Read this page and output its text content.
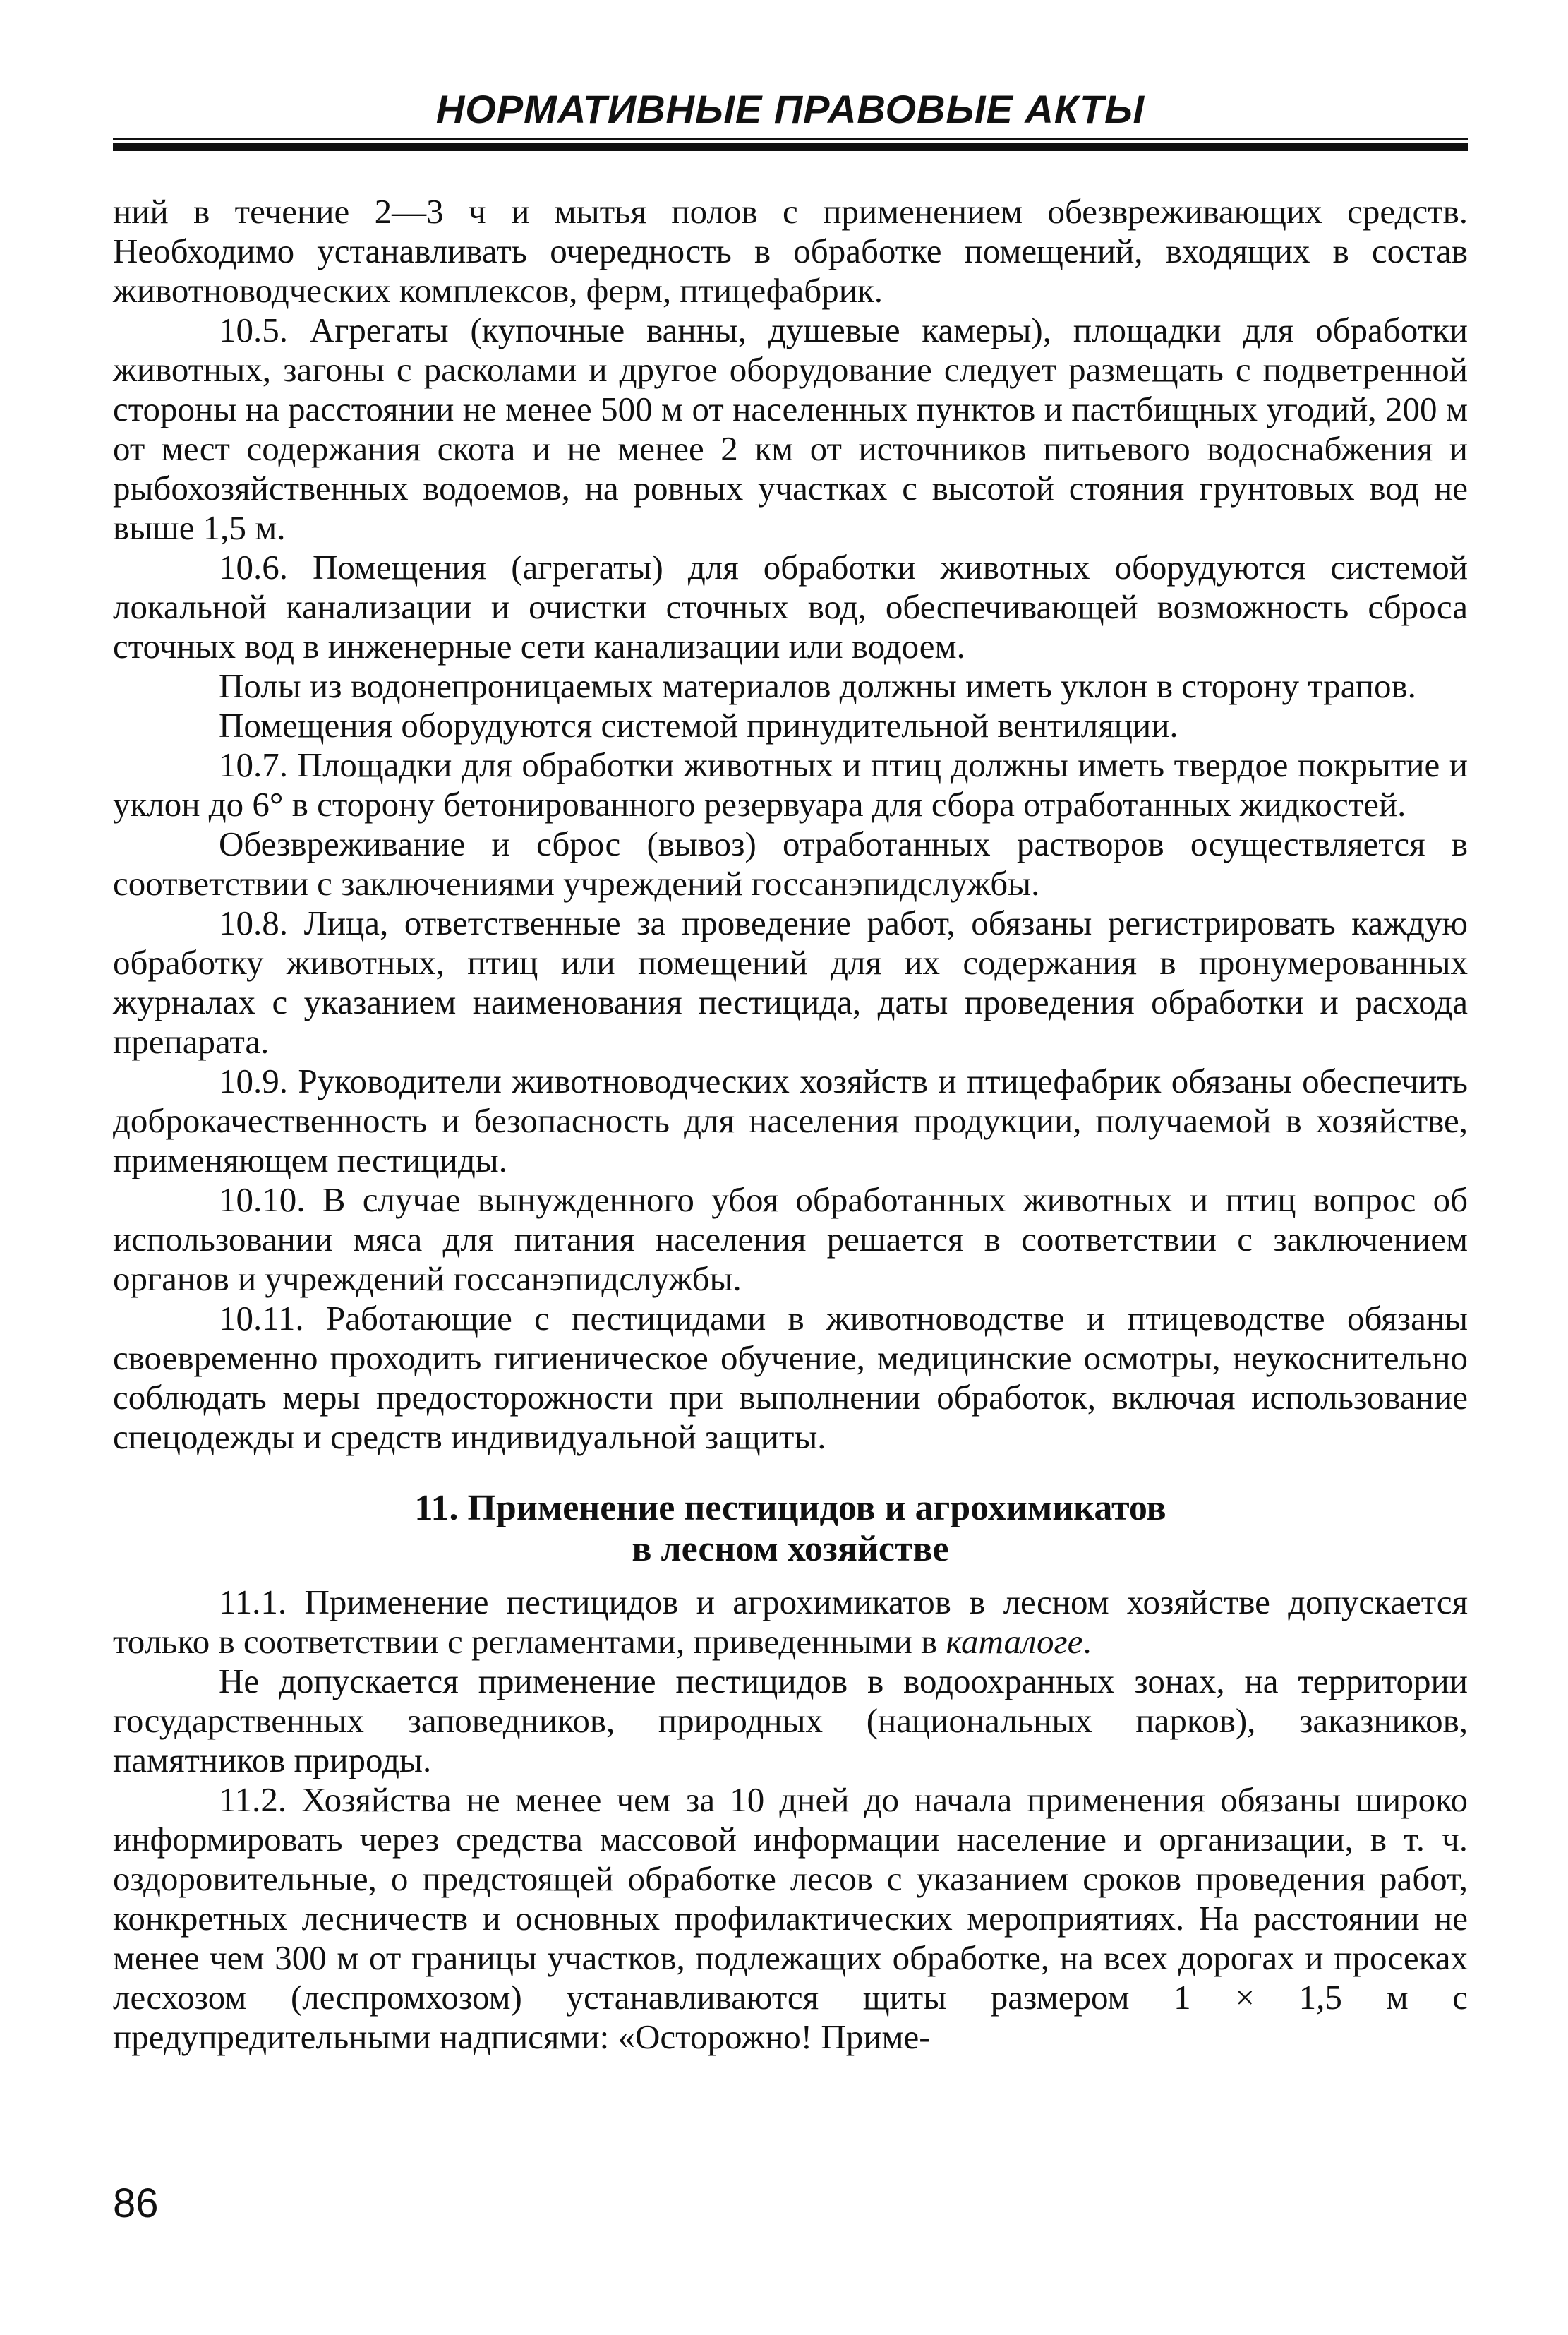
НОРМАТИВНЫЕ ПРАВОВЫЕ АКТЫ

ний в течение 2—3 ч и мытья полов с применением обезвреживающих средств. Необходимо устанавливать очередность в обработке помещений, входящих в состав животноводческих комплексов, ферм, птицефабрик.

10.5. Агрегаты (купочные ванны, душевые камеры), площадки для обработки животных, загоны с расколами и другое оборудование следует размещать с подветренной стороны на расстоянии не менее 500 м от населенных пунктов и пастбищных угодий, 200 м от мест содержания скота и не менее 2 км от источников питьевого водоснабжения и рыбохозяйственных водоемов, на ровных участках с высотой стояния грунтовых вод не выше 1,5 м.

10.6. Помещения (агрегаты) для обработки животных оборудуются системой локальной канализации и очистки сточных вод, обеспечивающей возможность сброса сточных вод в инженерные сети канализации или водоем.

Полы из водонепроницаемых материалов должны иметь уклон в сторону трапов.

Помещения оборудуются системой принудительной вентиляции.

10.7. Площадки для обработки животных и птиц должны иметь твердое покрытие и уклон до 6° в сторону бетонированного резервуара для сбора отработанных жидкостей.

Обезвреживание и сброс (вывоз) отработанных растворов осуществляется в соответствии с заключениями учреждений госсанэпидслужбы.

10.8. Лица, ответственные за проведение работ, обязаны регистрировать каждую обработку животных, птиц или помещений для их содержания в пронумерованных журналах с указанием наименования пестицида, даты проведения обработки и расхода препарата.

10.9. Руководители животноводческих хозяйств и птицефабрик обязаны обеспечить доброкачественность и безопасность для населения продукции, получаемой в хозяйстве, применяющем пестициды.

10.10. В случае вынужденного убоя обработанных животных и птиц вопрос об использовании мяса для питания населения решается в соответствии с заключением органов и учреждений госсанэпидслужбы.

10.11. Работающие с пестицидами в животноводстве и птицеводстве обязаны своевременно проходить гигиеническое обучение, медицинские осмотры, неукоснительно соблюдать меры предосторожности при выполнении обработок, включая использование спецодежды и средств индивидуальной защиты.

11. Применение пестицидов и агрохимикатов
в лесном хозяйстве

11.1. Применение пестицидов и агрохимикатов в лесном хозяйстве допускается только в соответствии с регламентами, приведенными в каталоге.

Не допускается применение пестицидов в водоохранных зонах, на территории государственных заповедников, природных (национальных парков), заказников, памятников природы.

11.2. Хозяйства не менее чем за 10 дней до начала применения обязаны широко информировать через средства массовой информации население и организации, в т. ч. оздоровительные, о предстоящей обработке лесов с указанием сроков проведения работ, конкретных лесничеств и основных профилактических мероприятиях. На расстоянии не менее чем 300 м от границы участков, подлежащих обработке, на всех дорогах и просеках лесхозом (леспромхозом) устанавливаются щиты размером 1 × 1,5 м с предупредительными надписями: «Осторожно! Приме-

86
